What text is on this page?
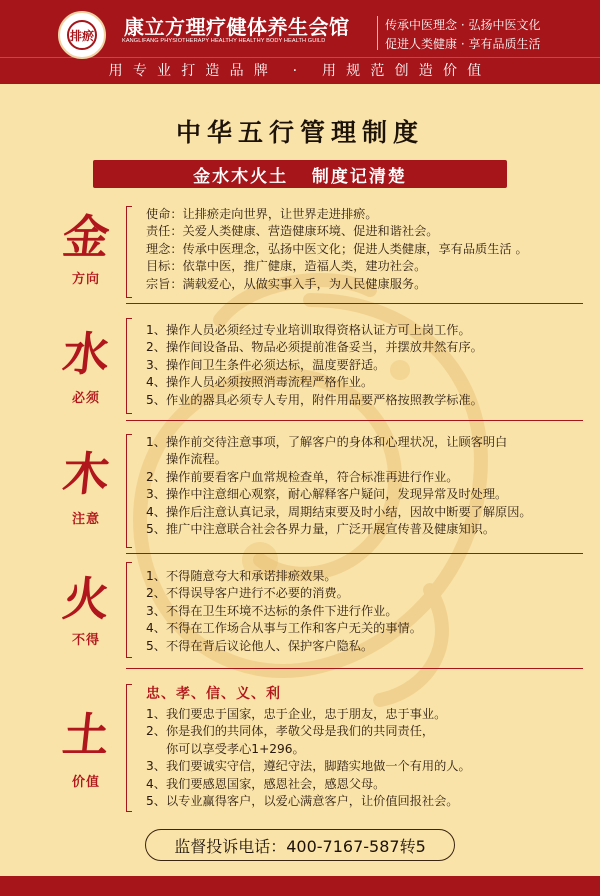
排瘀 康立方理疗健体养生会馆
KANGLIFANG PHYSIOTHERAPY HEALTHY HEALTHY BODY HEALTH GUILD
传承中医理念 · 弘扬中医文化
促进人类健康 · 享有品质生活
用专业打造品牌 · 用规范创造价值
中华五行管理制度
金水木火土   制度记清楚
金
方向
使命：让排瘀走向世界，让世界走进排瘀。
责任：关爱人类健康、营造健康环境、促进和谐社会。
理念：传承中医理念，弘扬中医文化；促进人类健康，享有品质生活 。
目标：依靠中医，推广健康，造福人类，建功社会。
宗旨：满载爱心，从做实事入手，为人民健康服务。
水
必须
1、操作人员必须经过专业培训取得资格认证方可上岗工作。
2、操作间设备品、物品必须提前准备妥当，并摆放井然有序。
3、操作间卫生条件必须达标，温度要舒适。
4、操作人员必须按照消毒流程严格作业。
5、作业的器具必须专人专用，附件用品要严格按照教学标准。
木
注意
1、操作前交待注意事项，了解客户的身体和心理状况，让顾客明白
操作流程。
2、操作前要看客户血常规检查单，符合标准再进行作业。
3、操作中注意细心观察，耐心解释客户疑问，发现异常及时处理。
4、操作后注意认真记录，周期结束要及时小结，因故中断要了解原因。
5、推广中注意联合社会各界力量，广泛开展宣传普及健康知识。
火
不得
1、不得随意夸大和承诺排瘀效果。
2、不得误导客户进行不必要的消费。
3、不得在卫生环境不达标的条件下进行作业。
4、不得在工作场合从事与工作和客户无关的事情。
5、不得在背后议论他人、保护客户隐私。
土
价值
忠、孝、信、义、利
1、我们要忠于国家，忠于企业，忠于朋友，忠于事业。
2、你是我们的共同体，孝敬父母是我们的共同责任，
你可以享受孝心1+296。
3、我们要诚实守信，遵纪守法，脚踏实地做一个有用的人。
4、我们要感恩国家，感恩社会，感恩父母。
5、以专业赢得客户，以爱心满意客户，让价值回报社会。
监督投诉电话：400-7167-587转5
